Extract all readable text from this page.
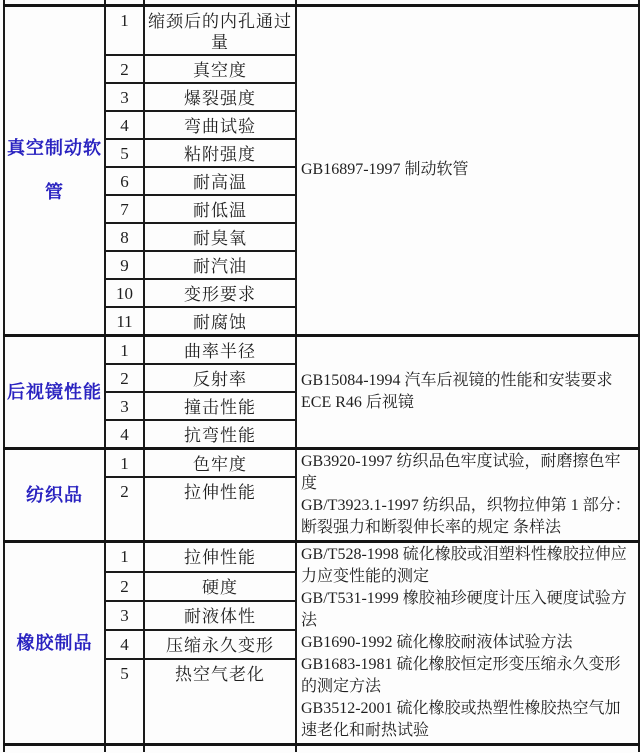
真空制动软管	1	缩颈后的内孔通过量	GB16897-1997 制动软管

	2	真空度	
	3	爆裂强度	
	4	弯曲试验	
	5	粘附强度	
	6	耐高温	
	7	耐低温	
	8	耐臭氧	
	9	耐汽油	
	10	变形要求	
	11	耐腐蚀	
后视镜性能	1	曲率半径	GB15084-1994 汽车后视镜的性能和安装要求
ECE R46 后视镜

	2	反射率	
	3	撞击性能	
	4	抗弯性能	
纺织品	1	色牢度	GB3920-1997 纺织品色牢度试验，耐磨擦色牢度
GB/T3923.1-1997 纺织品，织物拉伸第 1 部分：断裂强力和断裂伸长率的规定 条样法

	2	拉伸性能	
橡胶制品	1	拉伸性能	GB/T528-1998 硫化橡胶或泪塑料性橡胶拉伸应力应变性能的测定
GB/T531-1999 橡胶袖珍硬度计压入硬度试验方法
GB1690-1992 硫化橡胶耐液体试验方法
GB1683-1981 硫化橡胶恒定形变压缩永久变形的测定方法
GB3512-2001 硫化橡胶或热塑性橡胶热空气加速老化和耐热试验

	2	硬度	
	3	耐液体性	
	4	压缩永久变形	
	5	热空气老化	
